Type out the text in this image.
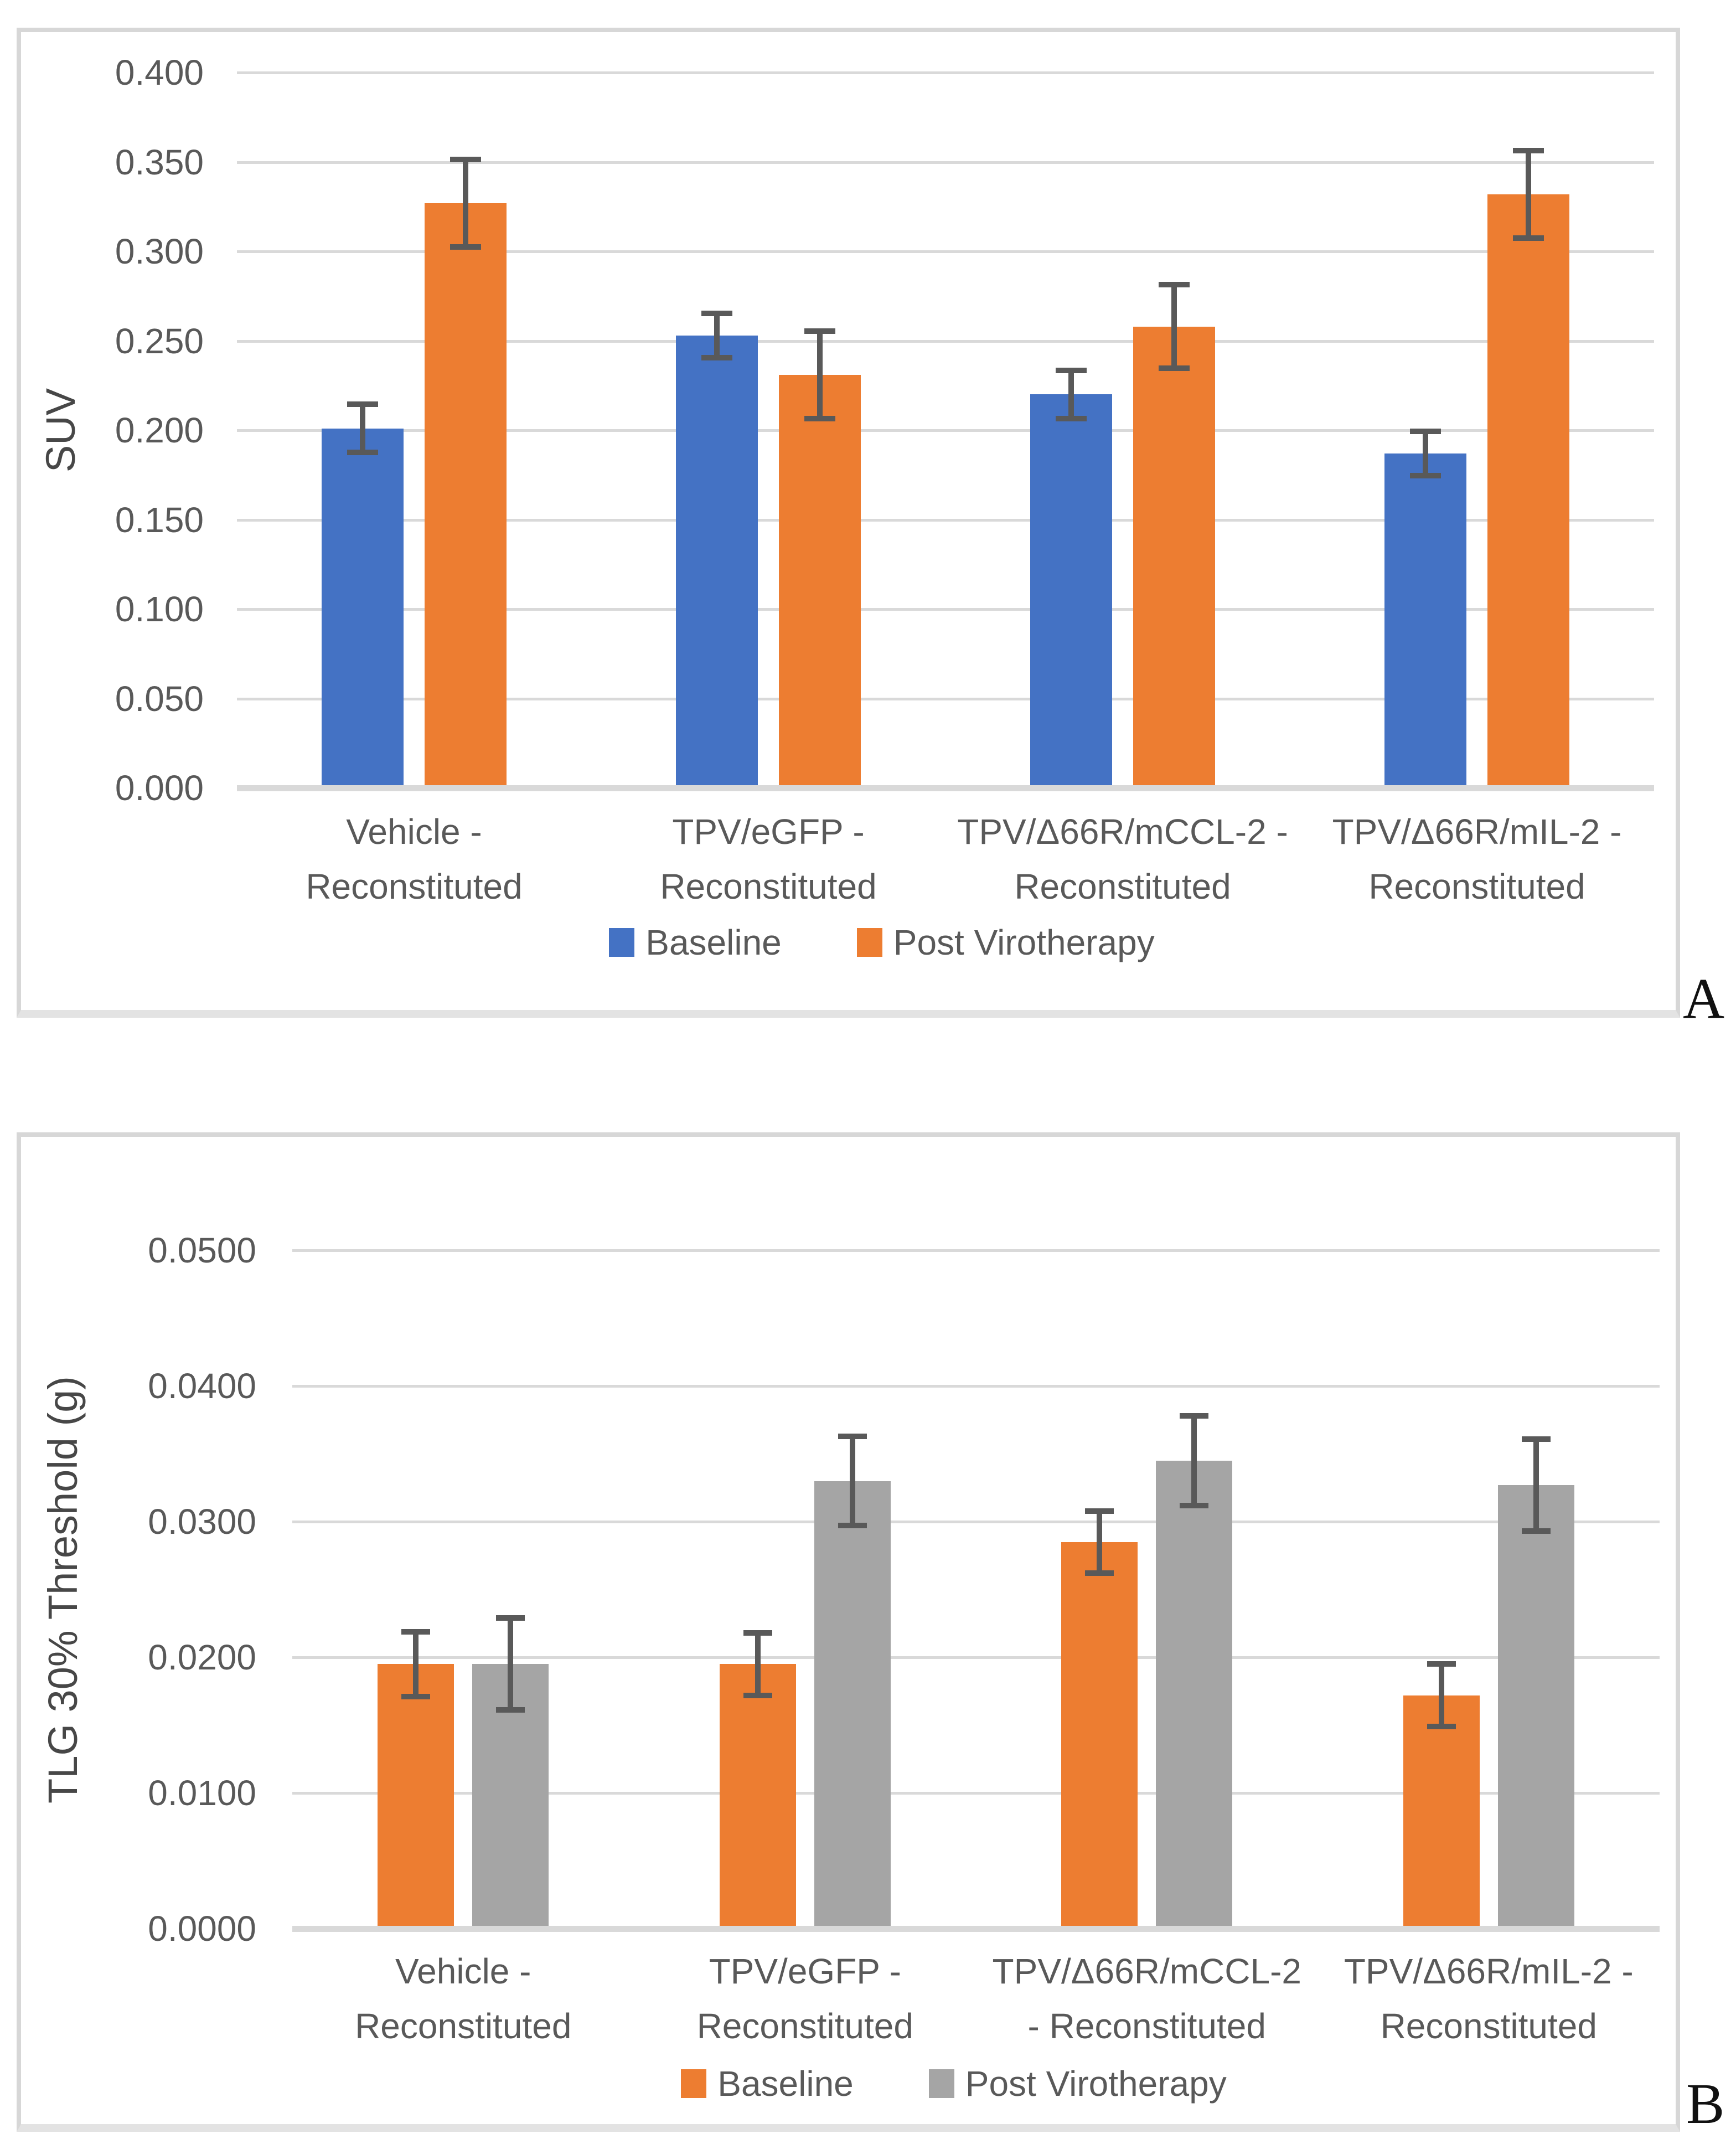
SUV
0.400
0.350
0.300
0.250
0.200
0.150
0.100
0.050
0.000
Vehicle -
Reconstituted
TPV/eGFP -
Reconstituted
TPV/Δ66R/mCCL-2 -
Reconstituted
TPV/Δ66R/mIL-2 -
Reconstituted
Baseline	Post Virotherapy
TLG 30% Threshold (g)
0.0500
0.0400
0.0300
0.0200
0.0100
0.0000
Vehicle -
Reconstituted
TPV/eGFP -
Reconstituted
TPV/Δ66R/mCCL-2
- Reconstituted
TPV/Δ66R/mIL-2 -
Reconstituted
Baseline	Post Virotherapy
A
B
